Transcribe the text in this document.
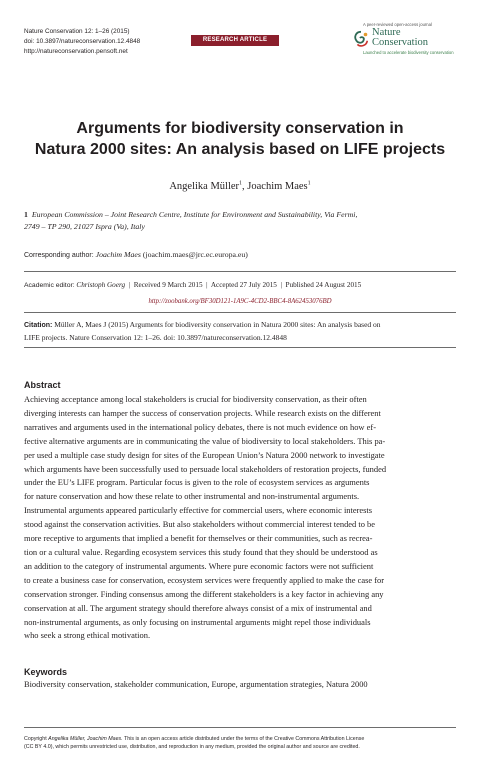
Nature Conservation 12: 1–26 (2015)
doi: 10.3897/natureconservation.12.4848
http://natureconservation.pensoft.net
RESEARCH ARTICLE
A peer-reviewed open-access journal
Nature
Conservation
Launched to accelerate biodiversity conservation
Arguments for biodiversity conservation in
Natura 2000 sites: An analysis based on LIFE projects
Angelika Müller$^1$, Joachim Maes$^1$
1 European Commission – Joint Research Centre, Institute for Environment and Sustainability, Via Fermi,
2749 – TP 290, 21027 Ispra (Va), Italy
Corresponding author: Joachim Maes (joachim.maes@jrc.ec.europa.eu)
Academic editor: Christoph Goerg  |  Received 9 March 2015  |  Accepted 27 July 2015  |  Published 24 August 2015
http://zoobank.org/BF30D121-1A9C-4CD2-BBC4-8A62453076BD
Citation: Müller A, Maes J (2015) Arguments for biodiversity conservation in Natura 2000 sites: An analysis based on
LIFE projects. Nature Conservation 12: 1–26. doi: 10.3897/natureconservation.12.4848
Abstract
Achieving acceptance among local stakeholders is crucial for biodiversity conservation, as their often
diverging interests can hamper the success of conservation projects. While research exists on the different
narratives and arguments used in the international policy debates, there is not much evidence on how ef-
fective alternative arguments are in communicating the value of biodiversity to local stakeholders. This pa-
per used a multiple case study design for sites of the European Union’s Natura 2000 network to investigate
which arguments have been successfully used to persuade local stakeholders of restoration projects, funded
under the EU’s LIFE program. Particular focus is given to the role of ecosystem services as arguments
for nature conservation and how these relate to other instrumental and non-instrumental arguments.
Instrumental arguments appeared particularly effective for commercial users, where economic interests
stood against the conservation activities. But also stakeholders without commercial interest tended to be
more receptive to arguments that implied a benefit for themselves or their communities, such as recrea-
tion or a cultural value. Regarding ecosystem services this study found that they should be understood as
an addition to the category of instrumental arguments. Where pure economic factors were not sufficient
to create a business case for conservation, ecosystem services were frequently applied to make the case for
conservation stronger. Finding consensus among the different stakeholders is a key factor in achieving any
conservation at all. The argument strategy should therefore always consist of a mix of instrumental and
non-instrumental arguments, as only focusing on instrumental arguments might repel those individuals
who seek a strong ethical motivation.
Keywords
Biodiversity conservation, stakeholder communication, Europe, argumentation strategies, Natura 2000
Copyright Angelika Müller, Joachim Maes. This is an open access article distributed under the terms of the Creative Commons Attribution License
(CC BY 4.0), which permits unrestricted use, distribution, and reproduction in any medium, provided the original author and source are credited.
